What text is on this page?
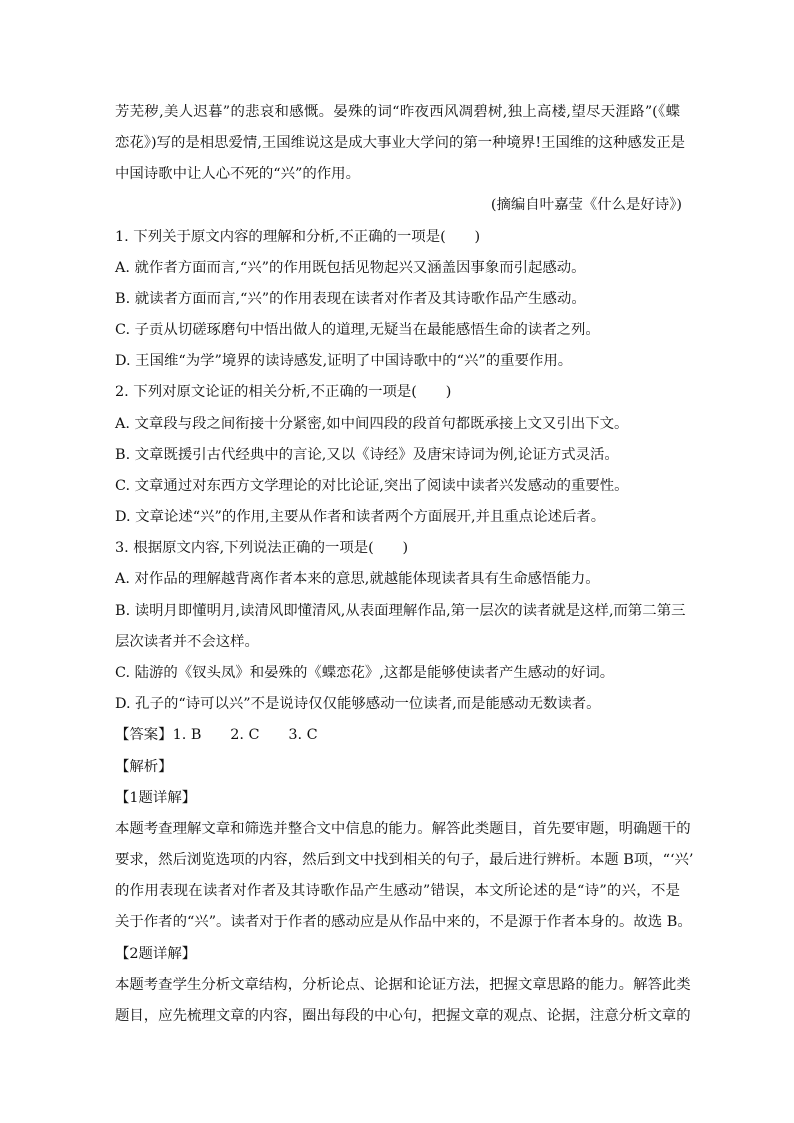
芳芜秽,美人迟暮”的悲哀和感慨。晏殊的词“昨夜西风凋碧树,独上高楼,望尽天涯路”(《蝶
恋花》)写的是相思爱情,王国维说这是成大事业大学问的第一种境界!王国维的这种感发正是
中国诗歌中让人心不死的“兴”的作用。
(摘编自叶嘉莹《什么是好诗》)
1. 下列关于原文内容的理解和分析,不正确的一项是(　　)
A. 就作者方面而言,“兴”的作用既包括见物起兴又涵盖因事象而引起感动。
B. 就读者方面而言,“兴”的作用表现在读者对作者及其诗歌作品产生感动。
C. 子贡从切磋琢磨句中悟出做人的道理,无疑当在最能感悟生命的读者之列。
D. 王国维“为学”境界的读诗感发,证明了中国诗歌中的“兴”的重要作用。
2. 下列对原文论证的相关分析,不正确的一项是(　　)
A. 文章段与段之间衔接十分紧密,如中间四段的段首句都既承接上文又引出下文。
B. 文章既援引古代经典中的言论,又以《诗经》及唐宋诗词为例,论证方式灵活。
C. 文章通过对东西方文学理论的对比论证,突出了阅读中读者兴发感动的重要性。
D. 文章论述“兴”的作用,主要从作者和读者两个方面展开,并且重点论述后者。
3. 根据原文内容,下列说法正确的一项是(　　)
A. 对作品的理解越背离作者本来的意思,就越能体现读者具有生命感悟能力。
B. 读明月即懂明月,读清风即懂清风,从表面理解作品,第一层次的读者就是这样,而第二第三
层次读者并不会这样。
C. 陆游的《钗头凤》和晏殊的《蝶恋花》,这都是能够使读者产生感动的好词。
D. 孔子的“诗可以兴”不是说诗仅仅能够感动一位读者,而是能感动无数读者。
【答案】1. B　　2. C　　3. C
【解析】
【1题详解】
本题考查理解文章和筛选并整合文中信息的能力。解答此类题目，首先要审题，明确题干的
要求，然后浏览选项的内容，然后到文中找到相关的句子，最后进行辨析。本题 B项，“‘兴’
的作用表现在读者对作者及其诗歌作品产生感动”错误，本文所论述的是“诗”的兴，不是
关于作者的“兴”。读者对于作者的感动应是从作品中来的，不是源于作者本身的。故选 B。
【2题详解】
本题考查学生分析文章结构，分析论点、论据和论证方法，把握文章思路的能力。解答此类
题目，应先梳理文章的内容，圈出每段的中心句，把握文章的观点、论据，注意分析文章的
